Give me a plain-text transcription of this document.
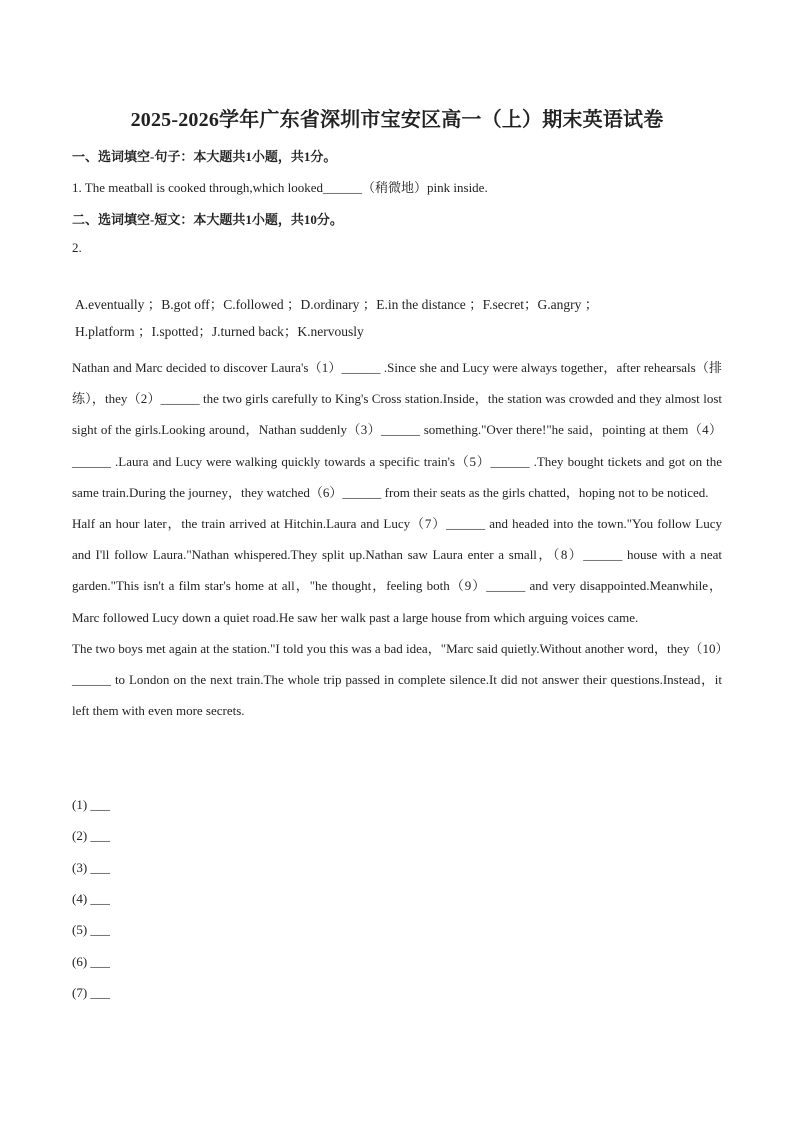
2025-2026学年广东省深圳市宝安区高一（上）期末英语试卷
一、选词填空-句子：本大题共1小题，共1分。
1. The meatball is cooked through,which looked______（稍微地）pink inside.
二、选词填空-短文：本大题共1小题，共10分。
2.
A.eventually ；B.got off；C.followed ；D.ordinary ；E.in the distance ；F.secret；G.angry ；
H.platform ；I.spotted；J.turned back；K.nervously

Nathan and Marc decided to discover Laura's（1）______ .Since she and Lucy were always together，after rehearsals（排练），they（2）______ the two girls carefully to King's Cross station.Inside，the station was crowded and they almost lost sight of the girls.Looking around，Nathan suddenly（3）______ something."Over there!"he said，pointing at them（4）______ .Laura and Lucy were walking quickly towards a specific train's（5）______ .They bought tickets and got on the same train.During the journey，they watched（6）______ from their seats as the girls chatted，hoping not to be noticed.

Half an hour later，the train arrived at Hitchin.Laura and Lucy（7）______ and headed into the town."You follow Lucy and I'll follow Laura."Nathan whispered.They split up.Nathan saw Laura enter a small，（8）______ house with a neat garden."This isn't a film star's home at all，"he thought，feeling both（9）______ and very disappointed.Meanwhile，Marc followed Lucy down a quiet road.He saw her walk past a large house from which arguing voices came.

The two boys met again at the station."I told you this was a bad idea，"Marc said quietly.Without another word，they（10）______ to London on the next train.The whole trip passed in complete silence.It did not answer their questions.Instead，it left them with even more secrets.

(1) ___
(2) ___
(3) ___
(4) ___
(5) ___
(6) ___
(7) ___
